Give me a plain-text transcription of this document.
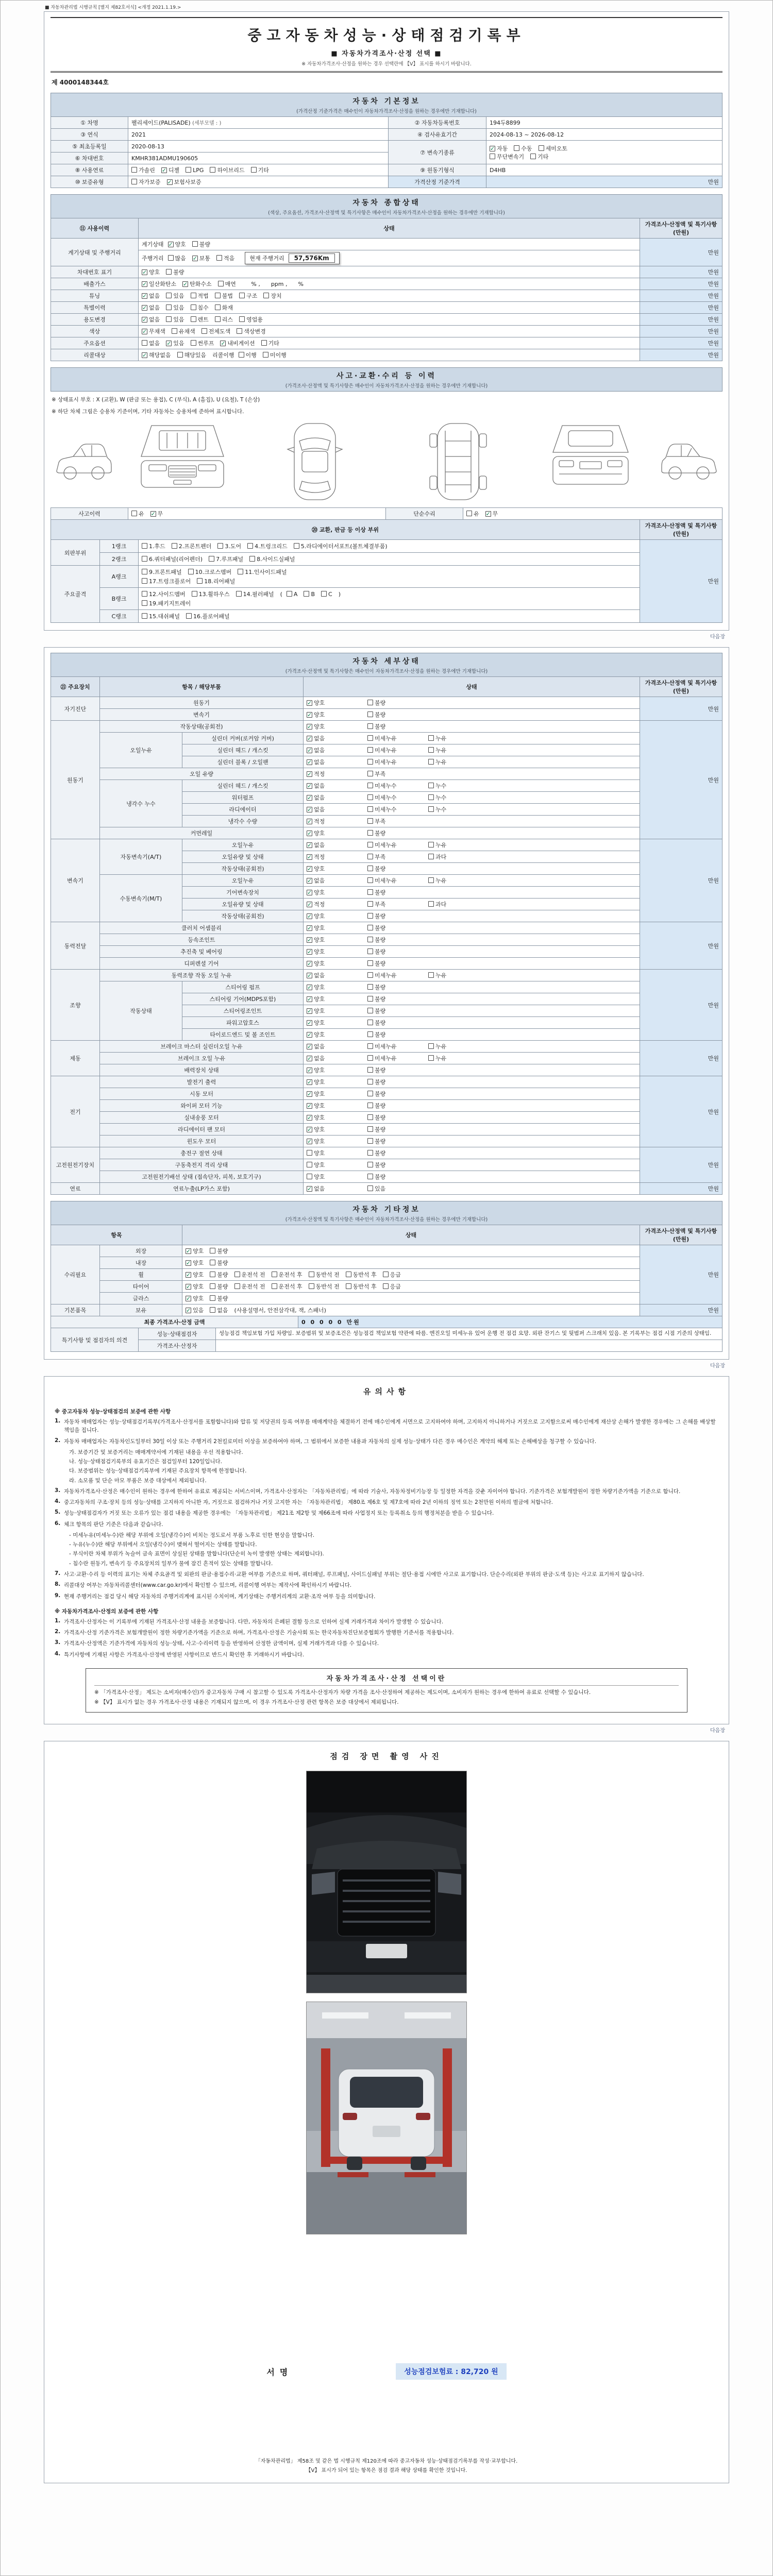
■ 자동차관리법 시행규칙 [별지 제82호서식] <개정 2021.1.19.>
중고자동차성능·상태점검기록부
■ 자동차가격조사·산정 선택 ■
※ 자동차가격조사·산정을 원하는 경우 선택란에 【Ⅴ】 표시를 하시기 바랍니다.
제 4000148344호
자동차 기본정보
(가격산정 기준가격은 매수인이 자동차가격조사·산정을 원하는 경우에만 기재합니다)
① 차명	팰리세이드(PALISADE) (세부모델 : )	② 자동차등록번호	194두8899
③ 연식	2021	④ 검사유효기간	2024-08-13 ~ 2026-08-12
⑤ 최초등록일	2020-08-13	⑦ 변속기종류	✓ 자동 수동 세미오토
무단변속기 기타

⑥ 차대번호	KMHR381ADMU190605		
⑧ 사용연료	가솔린 ✓ 디젤 LPG 하이브리드 기타	⑨ 원동기형식	D4HB
⑩ 보증유형	자가보증 ✓ 보험사보증	가격산정 기준가격	만원
자동차 종합상태
(색상, 주요옵션, 가격조사·산정액 및 특기사항은 매수인이 자동차가격조사·산정을 원하는 경우에만 기재합니다)
⑪ 사용이력	상태	가격조사·산정액 및 특기사항(만원)
계기상태 및 주행거리	계기상태 ✓ 양호 불량	만원
	주행거리 많음 ✓ 보통 적음 현재 주행거리 57,576Km	
차대번호 표기	✓ 양호 불량	만원
배출가스	✓ 일산화탄소 ✓ 탄화수소 매연     % ,      ppm ,      %	만원
튜닝	✓ 없음 있음 적법 불법 구조 장치	만원
특별이력	✓ 없음 있음 침수 화재	만원
용도변경	✓ 없음 있음 렌트 리스 영업용	만원
색상	✓ 무채색 유채색 전체도색 색상변경	만원
주요옵션	없음 ✓ 있음 썬루프 ✓ 내비게이션 기타	만원
리콜대상	✓ 해당없음 해당있음 리콜이행 이행 미이행	만원
사고·교환·수리 등 이력
(가격조사·산정액 및 특기사항은 매수인이 자동차가격조사·산정을 원하는 경우에만 기재합니다)
※ 상태표시 부호 : X (교환), W (판금 또는 용접), C (부식), A (흠집), U (요철), T (손상)
※ 하단 차체 그림은 승용차 기준이며, 기타 자동차는 승용차에 준하여 표시합니다.
사고이력	유 ✓ 무	단순수리	유 ✓ 무
⑳ 교환, 판금 등 이상 부위			가격조사·산정액 및 특기사항(만원)
외판부위	1랭크	1.후드 2.프론트펜더 3.도어 4.트렁크리드 5.라디에이터서포트(볼트체결부품)	만원
	2랭크	6.쿼터패널(리어펜더) 7.루프패널 8.사이드실패널	

주요골격	A랭크	9.프론트패널 10.크로스멤버 11.인사이드패널
17.트렁크플로어 18.리어패널	

	B랭크	12.사이드멤버 13.휠하우스 14.필러패널 ( A B C )
19.패키지트레이	

	C랭크	15.대쉬패널 16.플로어패널	
다음장
자동차 세부상태
(가격조사·산정액 및 특기사항은 매수인이 자동차가격조사·산정을 원하는 경우에만 기재합니다)
㉑ 주요장치	항목 / 해당부품		상태	가격조사·산정액 및 특기사항(만원)
자기진단	원동기		✓ 양호 불량	만원
	변속기		✓ 양호 불량	
원동기	작동상태(공회전)		✓ 양호 불량	만원
	오일누유	실린더 커버(로커암 커버)	✓ 없음 미세누유 누유	
		실린더 헤드 / 개스킷	✓ 없음 미세누유 누유	
		실린더 블록 / 오일팬	✓ 없음 미세누유 누유	
	오일 유량		✓ 적정 부족	
	냉각수 누수	실린더 헤드 / 개스킷	✓ 없음 미세누수 누수	
		워터펌프	✓ 없음 미세누수 누수	
		라디에이터	✓ 없음 미세누수 누수	
		냉각수 수량	✓ 적정 부족	
	커먼레일		✓ 양호 불량	
변속기	자동변속기(A/T)	오일누유	✓ 없음 미세누유 누유	만원
		오일유량 및 상태	✓ 적정 부족 과다	
		작동상태(공회전)	✓ 양호 불량	
	수동변속기(M/T)	오일누유	✓ 없음 미세누유 누유	
		기어변속장치	✓ 양호 불량	
		오일유량 및 상태	✓ 적정 부족 과다	
		작동상태(공회전)	✓ 양호 불량	
동력전달	클러치 어셈블리		✓ 양호 불량	만원
	등속조인트		✓ 양호 불량	
	추진축 및 베어링		✓ 양호 불량	
	디퍼렌셜 기어		✓ 양호 불량	
조향	동력조향 작동 오일 누유		✓ 없음 미세누유 누유	만원
	작동상태	스티어링 펌프	✓ 양호 불량	
		스티어링 기어(MDPS포함)	✓ 양호 불량	
		스티어링조인트	✓ 양호 불량	
		파워고압호스	✓ 양호 불량	
		타이로드엔드 및 볼 조인트	✓ 양호 불량	
제동	브레이크 마스터 실린더오일 누유		✓ 없음 미세누유 누유	만원
	브레이크 오일 누유		✓ 없음 미세누유 누유	
	배력장치 상태		✓ 양호 불량	
전기	발전기 출력		✓ 양호 불량	만원
	시동 모터		✓ 양호 불량	
	와이퍼 모터 기능		✓ 양호 불량	
	실내송풍 모터		✓ 양호 불량	
	라디에이터 팬 모터		✓ 양호 불량	
	윈도우 모터		✓ 양호 불량	
고전원전기장치	충전구 절연 상태		양호 불량	만원
	구동축전지 격리 상태		양호 불량	
	고전원전기배선 상태 (접속단자, 피복, 보호기구)		양호 불량	
연료	연료누출(LP가스 포함)		✓ 없음 있음	만원
자동차 기타정보
(가격조사·산정액 및 특기사항은 매수인이 자동차가격조사·산정을 원하는 경우에만 기재합니다)
항목		상태	가격조사·산정액 및 특기사항(만원)
수리필요	외장	✓ 양호 불량	만원
	내장	✓ 양호 불량	
	휠	✓ 양호 불량 운전석 전 운전석 후 동반석 전 동반석 후 응급	
	타이어	✓ 양호 불량 운전석 전 운전석 후 동반석 전 동반석 후 응급	
	글라스	✓ 양호 불량	
기본품목	보유	✓ 있음 없음 (사용설명서, 안전삼각대, 잭, 스패너)	만원
최종 가격조사·산정 금액	0 0 0 0 0 만원
특기사항 및 점검자의 의견	성능·상태점검자	성능점검 책임보험 가입 차량임. 보증범위 및 보증조건은 성능점검 책임보험 약관에 따름. 엔진오일 미세누유 있어 운행 전 점검 요망. 외판 잔기스 및 뒷범퍼 스크래치 있음. 본 기록부는 점검 시점 기준의 상태임.
	가격조사·산정자	
다음장
유의사항
※ 중고자동차 성능·상태점검의 보증에 관한 사항
1. 자동차 매매업자는 성능·상태점검기록부(가격조사·산정서를 포함합니다)와 압류 및 저당권의 등록 여부를 매매계약을 체결하기 전에 매수인에게 서면으로 고지하여야 하며, 고지하지 아니하거나 거짓으로 고지함으로써 매수인에게 재산상 손해가 발생한 경우에는 그 손해를 배상할 책임을 집니다.
2. 자동차 매매업자는 자동차인도일부터 30일 이상 또는 주행거리 2천킬로미터 이상을 보증하여야 하며, 그 범위에서 보증한 내용과 자동차의 실제 성능·상태가 다른 경우 매수인은 계약의 해제 또는 손해배상을 청구할 수 있습니다.
가. 보증기간 및 보증거리는 매매계약서에 기재된 내용을 우선 적용합니다.
나. 성능·상태점검기록부의 유효기간은 점검일부터 120일입니다.
다. 보증범위는 성능·상태점검기록부에 기재된 주요장치 항목에 한정합니다.
라. 소모품 및 단순 마모 부품은 보증 대상에서 제외됩니다.
3. 자동차가격조사·산정은 매수인이 원하는 경우에 한하여 유료로 제공되는 서비스이며, 가격조사·산정자는 「자동차관리법」에 따라 기술사, 자동차정비기능장 등 일정한 자격을 갖춘 자이어야 합니다. 기준가격은 보험개발원이 정한 차량기준가액을 기준으로 합니다.
4. 중고자동차의 구조·장치 등의 성능·상태를 고지하지 아니한 자, 거짓으로 점검하거나 거짓 고지한 자는 「자동차관리법」 제80조 제6호 및 제7호에 따라 2년 이하의 징역 또는 2천만원 이하의 벌금에 처합니다.
5. 성능·상태점검자가 거짓 또는 오류가 있는 점검 내용을 제공한 경우에는 「자동차관리법」 제21조 제2항 및 제66조에 따라 사업정지 또는 등록취소 등의 행정처분을 받을 수 있습니다.
6. 체크 항목의 판단 기준은 다음과 같습니다.
- 미세누유(미세누수)란 해당 부위에 오일(냉각수)이 비치는 정도로서 부품 노후로 인한 현상을 말합니다.
- 누유(누수)란 해당 부위에서 오일(냉각수)이 맺혀서 떨어지는 상태를 말합니다.
- 부식이란 차체 부위가 녹슬어 금속 표면이 상실된 상태를 말합니다(단순히 녹이 발생한 상태는 제외합니다).
- 침수란 원동기, 변속기 등 주요장치의 일부가 물에 잠긴 흔적이 있는 상태를 말합니다.
7. 사고·교환·수리 등 이력의 표기는 차체 주요골격 및 외판의 판금·용접수리·교환 여부를 기준으로 하며, 쿼터패널, 루프패널, 사이드실패널 부위는 절단·용접 시에만 사고로 표기합니다. 단순수리(외판 부위의 판금·도색 등)는 사고로 표기하지 않습니다.
8. 리콜대상 여부는 자동차리콜센터(www.car.go.kr)에서 확인할 수 있으며, 리콜이행 여부는 제작사에 확인하시기 바랍니다.
9. 현재 주행거리는 점검 당시 해당 자동차의 주행거리계에 표시된 수치이며, 계기상태는 주행거리계의 교환·조작 여부 등을 의미합니다.
※ 자동차가격조사·산정의 보증에 관한 사항
1. 가격조사·산정자는 이 기록부에 기재된 가격조사·산정 내용을 보증합니다. 다만, 자동차의 은폐된 결함 등으로 인하여 실제 거래가격과 차이가 발생할 수 있습니다.
2. 가격조사·산정 기준가격은 보험개발원이 정한 차량기준가액을 기준으로 하며, 가격조사·산정은 기술사회 또는 한국자동차진단보증협회가 발행한 기준서를 적용합니다.
3. 가격조사·산정액은 기준가격에 자동차의 성능·상태, 사고·수리이력 등을 반영하여 산정한 금액이며, 실제 거래가격과 다를 수 있습니다.
4. 특기사항에 기재된 사항은 가격조사·산정에 반영된 사항이므로 반드시 확인한 후 거래하시기 바랍니다.
자동차가격조사·산정 선택이란
※ 「가격조사·산정」 제도는 소비자(매수인)가 중고자동차 구매 시 참고할 수 있도록 가격조사·산정자가 차량 가격을 조사·산정하여 제공하는 제도이며, 소비자가 원하는 경우에 한하여 유료로 선택할 수 있습니다.
※ 【Ⅴ】 표시가 없는 경우 가격조사·산정 내용은 기재되지 않으며, 이 경우 가격조사·산정 관련 항목은 보증 대상에서 제외됩니다.
다음장
점검 장면 촬영 사진
서명	성능점검보험료 : 82,720 원
「자동차관리법」 제58조 및 같은 법 시행규칙 제120조에 따라 중고자동차 성능·상태점검기록부를 작성·교부합니다.
【Ⅴ】 표시가 되어 있는 항목은 점검 결과 해당 상태를 확인한 것입니다.
